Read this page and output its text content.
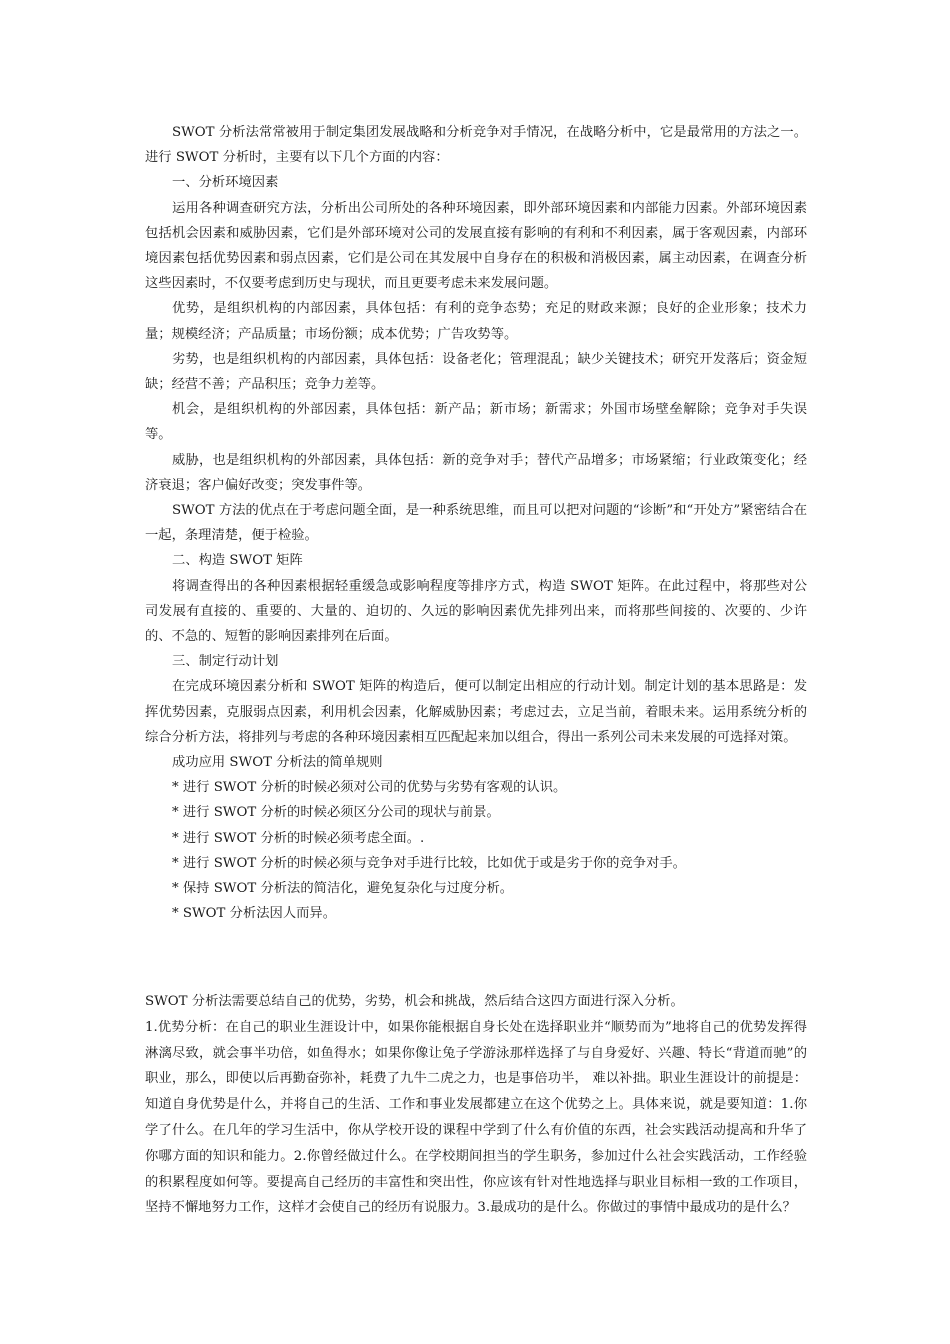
SWOT 分析法常常被用于制定集团发展战略和分析竞争对手情况，在战略分析中，它是最常用的方法之一。进行 SWOT 分析时，主要有以下几个方面的内容：

一、分析环境因素

运用各种调查研究方法，分析出公司所处的各种环境因素，即外部环境因素和内部能力因素。外部环境因素包括机会因素和威胁因素，它们是外部环境对公司的发展直接有影响的有利和不利因素，属于客观因素，内部环境因素包括优势因素和弱点因素，它们是公司在其发展中自身存在的积极和消极因素，属主动因素，在调查分析这些因素时，不仅要考虑到历史与现状，而且更要考虑未来发展问题。

优势，是组织机构的内部因素，具体包括：有利的竞争态势；充足的财政来源；良好的企业形象；技术力量；规模经济；产品质量；市场份额；成本优势；广告攻势等。

劣势，也是组织机构的内部因素，具体包括：设备老化；管理混乱；缺少关键技术；研究开发落后；资金短缺；经营不善；产品积压；竞争力差等。

机会，是组织机构的外部因素，具体包括：新产品；新市场；新需求；外国市场壁垒解除；竞争对手失误等。

威胁，也是组织机构的外部因素，具体包括：新的竞争对手；替代产品增多；市场紧缩；行业政策变化；经济衰退；客户偏好改变；突发事件等。

SWOT 方法的优点在于考虑问题全面，是一种系统思维，而且可以把对问题的“诊断”和“开处方”紧密结合在一起，条理清楚，便于检验。

二、构造 SWOT 矩阵

将调查得出的各种因素根据轻重缓急或影响程度等排序方式，构造 SWOT 矩阵。在此过程中，将那些对公司发展有直接的、重要的、大量的、迫切的、久远的影响因素优先排列出来，而将那些间接的、次要的、少许的、不急的、短暂的影响因素排列在后面。

三、制定行动计划

在完成环境因素分析和 SWOT 矩阵的构造后，便可以制定出相应的行动计划。制定计划的基本思路是：发挥优势因素，克服弱点因素，利用机会因素，化解威胁因素；考虑过去，立足当前，着眼未来。运用系统分析的综合分析方法，将排列与考虑的各种环境因素相互匹配起来加以组合，得出一系列公司未来发展的可选择对策。

成功应用 SWOT 分析法的简单规则

* 进行 SWOT 分析的时候必须对公司的优势与劣势有客观的认识。

* 进行 SWOT 分析的时候必须区分公司的现状与前景。

* 进行 SWOT 分析的时候必须考虑全面。.

* 进行 SWOT 分析的时候必须与竞争对手进行比较，比如优于或是劣于你的竞争对手。

* 保持 SWOT 分析法的简洁化，避免复杂化与过度分析。

* SWOT 分析法因人而异。

SWOT 分析法需要总结自己的优势，劣势，机会和挑战，然后结合这四方面进行深入分析。

1.优势分析：在自己的职业生涯设计中，如果你能根据自身长处在选择职业并“顺势而为”地将自己的优势发挥得淋漓尽致，就会事半功倍，如鱼得水；如果你像让兔子学游泳那样选择了与自身爱好、兴趣、特长“背道而驰”的职业，那么，即使以后再勤奋弥补，耗费了九牛二虎之力，也是事倍功半， 难以补拙。职业生涯设计的前提是：知道自身优势是什么，并将自己的生活、工作和事业发展都建立在这个优势之上。具体来说，就是要知道：1.你学了什么。在几年的学习生活中，你从学校开设的课程中学到了什么有价值的东西，社会实践活动提高和升华了你哪方面的知识和能力。2.你曾经做过什么。在学校期间担当的学生职务，参加过什么社会实践活动，工作经验的积累程度如何等。要提高自己经历的丰富性和突出性，你应该有针对性地选择与职业目标相一致的工作项目，坚持不懈地努力工作，这样才会使自己的经历有说服力。3.最成功的是什么。你做过的事情中最成功的是什么？
